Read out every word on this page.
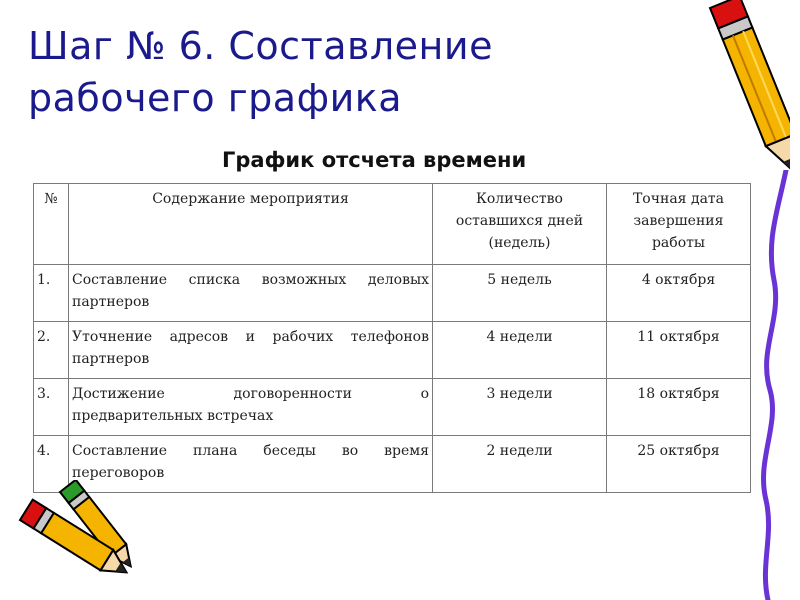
Шаг № 6. Составление рабочего графика
График отсчета времени
№	Содержание мероприятия	Количество оставшихся дней (недель)	Точная дата завершения работы
1.	Составление списка возможных деловых партнеров	5 недель	4 октября
2.	Уточнение адресов и рабочих телефонов партнеров	4 недели	11 октября
3.	Достижение договоренности о предварительных встречах	3 недели	18 октября
4.	Составление плана беседы во время переговоров	2 недели	25 октября
